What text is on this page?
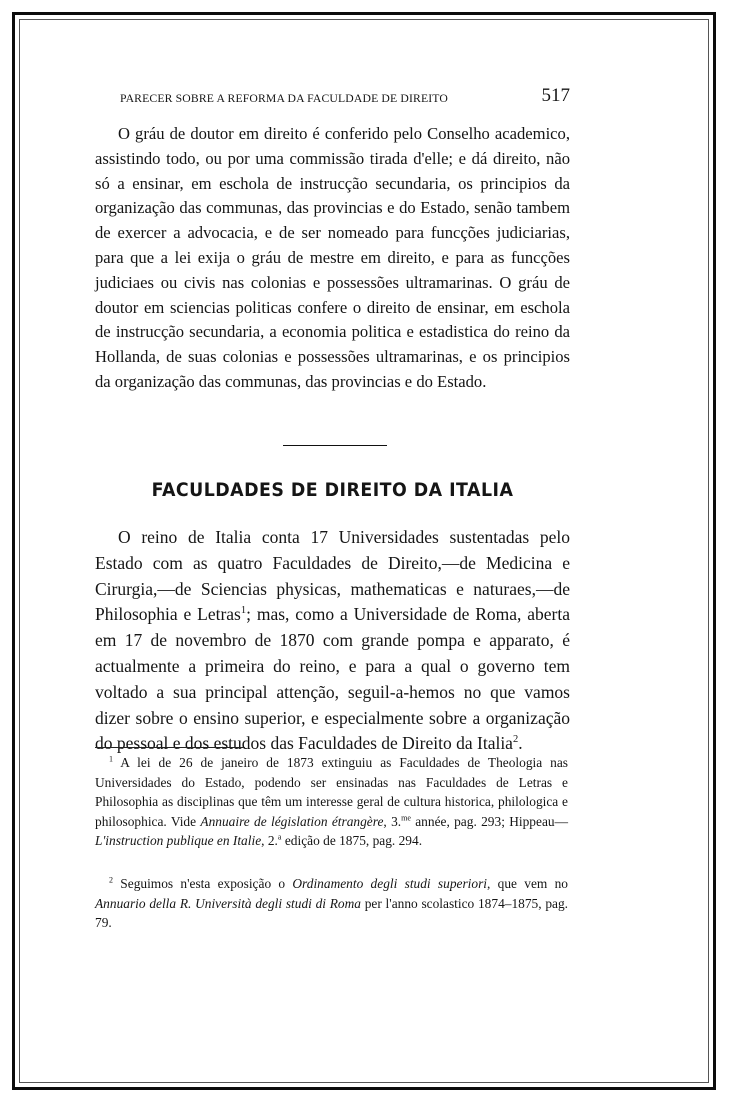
PARECER SOBRE A REFORMA DA FACULDADE DE DIREITO	517

O gráu de doutor em direito é conferido pelo Conselho academico, assistindo todo, ou por uma commissão tirada d'elle; e dá direito, não só a ensinar, em eschola de instrucção secundaria, os principios da organização das communas, das provincias e do Estado, senão tambem de exercer a advocacia, e de ser nomeado para funcções judiciarias, para que a lei exija o gráu de mestre em direito, e para as funcções judiciaes ou civis nas colonias e possessões ultramarinas. O gráu de doutor em sciencias politicas confere o direito de ensinar, em eschola de instrucção secundaria, a economia politica e estadistica do reino da Hollanda, de suas colonias e possessões ultramarinas, e os principios da organização das communas, das provincias e do Estado.

FACULDADES DE DIREITO DA ITALIA

O reino de Italia conta 17 Universidades sustentadas pelo Estado com as quatro Faculdades de Direito,—de Medicina e Cirurgia,—de Sciencias physicas, mathematicas e naturaes,—de Philosophia e Letras$^1$; mas, como a Universidade de Roma, aberta em 17 de novembro de 1870 com grande pompa e apparato, é actualmente a primeira do reino, e para a qual o governo tem voltado a sua principal attenção, seguil-a-hemos no que vamos dizer sobre o ensino superior, e especialmente sobre a organização do pessoal e dos estudos das Faculdades de Direito da Italia$^2$.

$^1$ A lei de 26 de janeiro de 1873 extinguiu as Faculdades de Theologia nas Universidades do Estado, podendo ser ensinadas nas Faculdades de Letras e Philosophia as disciplinas que têm um interesse geral de cultura historica, philologica e philosophica. Vide Annuaire de législation étrangère, 3.$^{me}$ année, pag. 293; Hippeau—L'instruction publique en Italie, 2.$^a$ edição de 1875, pag. 294.

$^2$ Seguimos n'esta exposição o Ordinamento degli studi superiori, que vem no Annuario della R. Università degli studi di Roma per l'anno scolastico 1874–1875, pag. 79.
